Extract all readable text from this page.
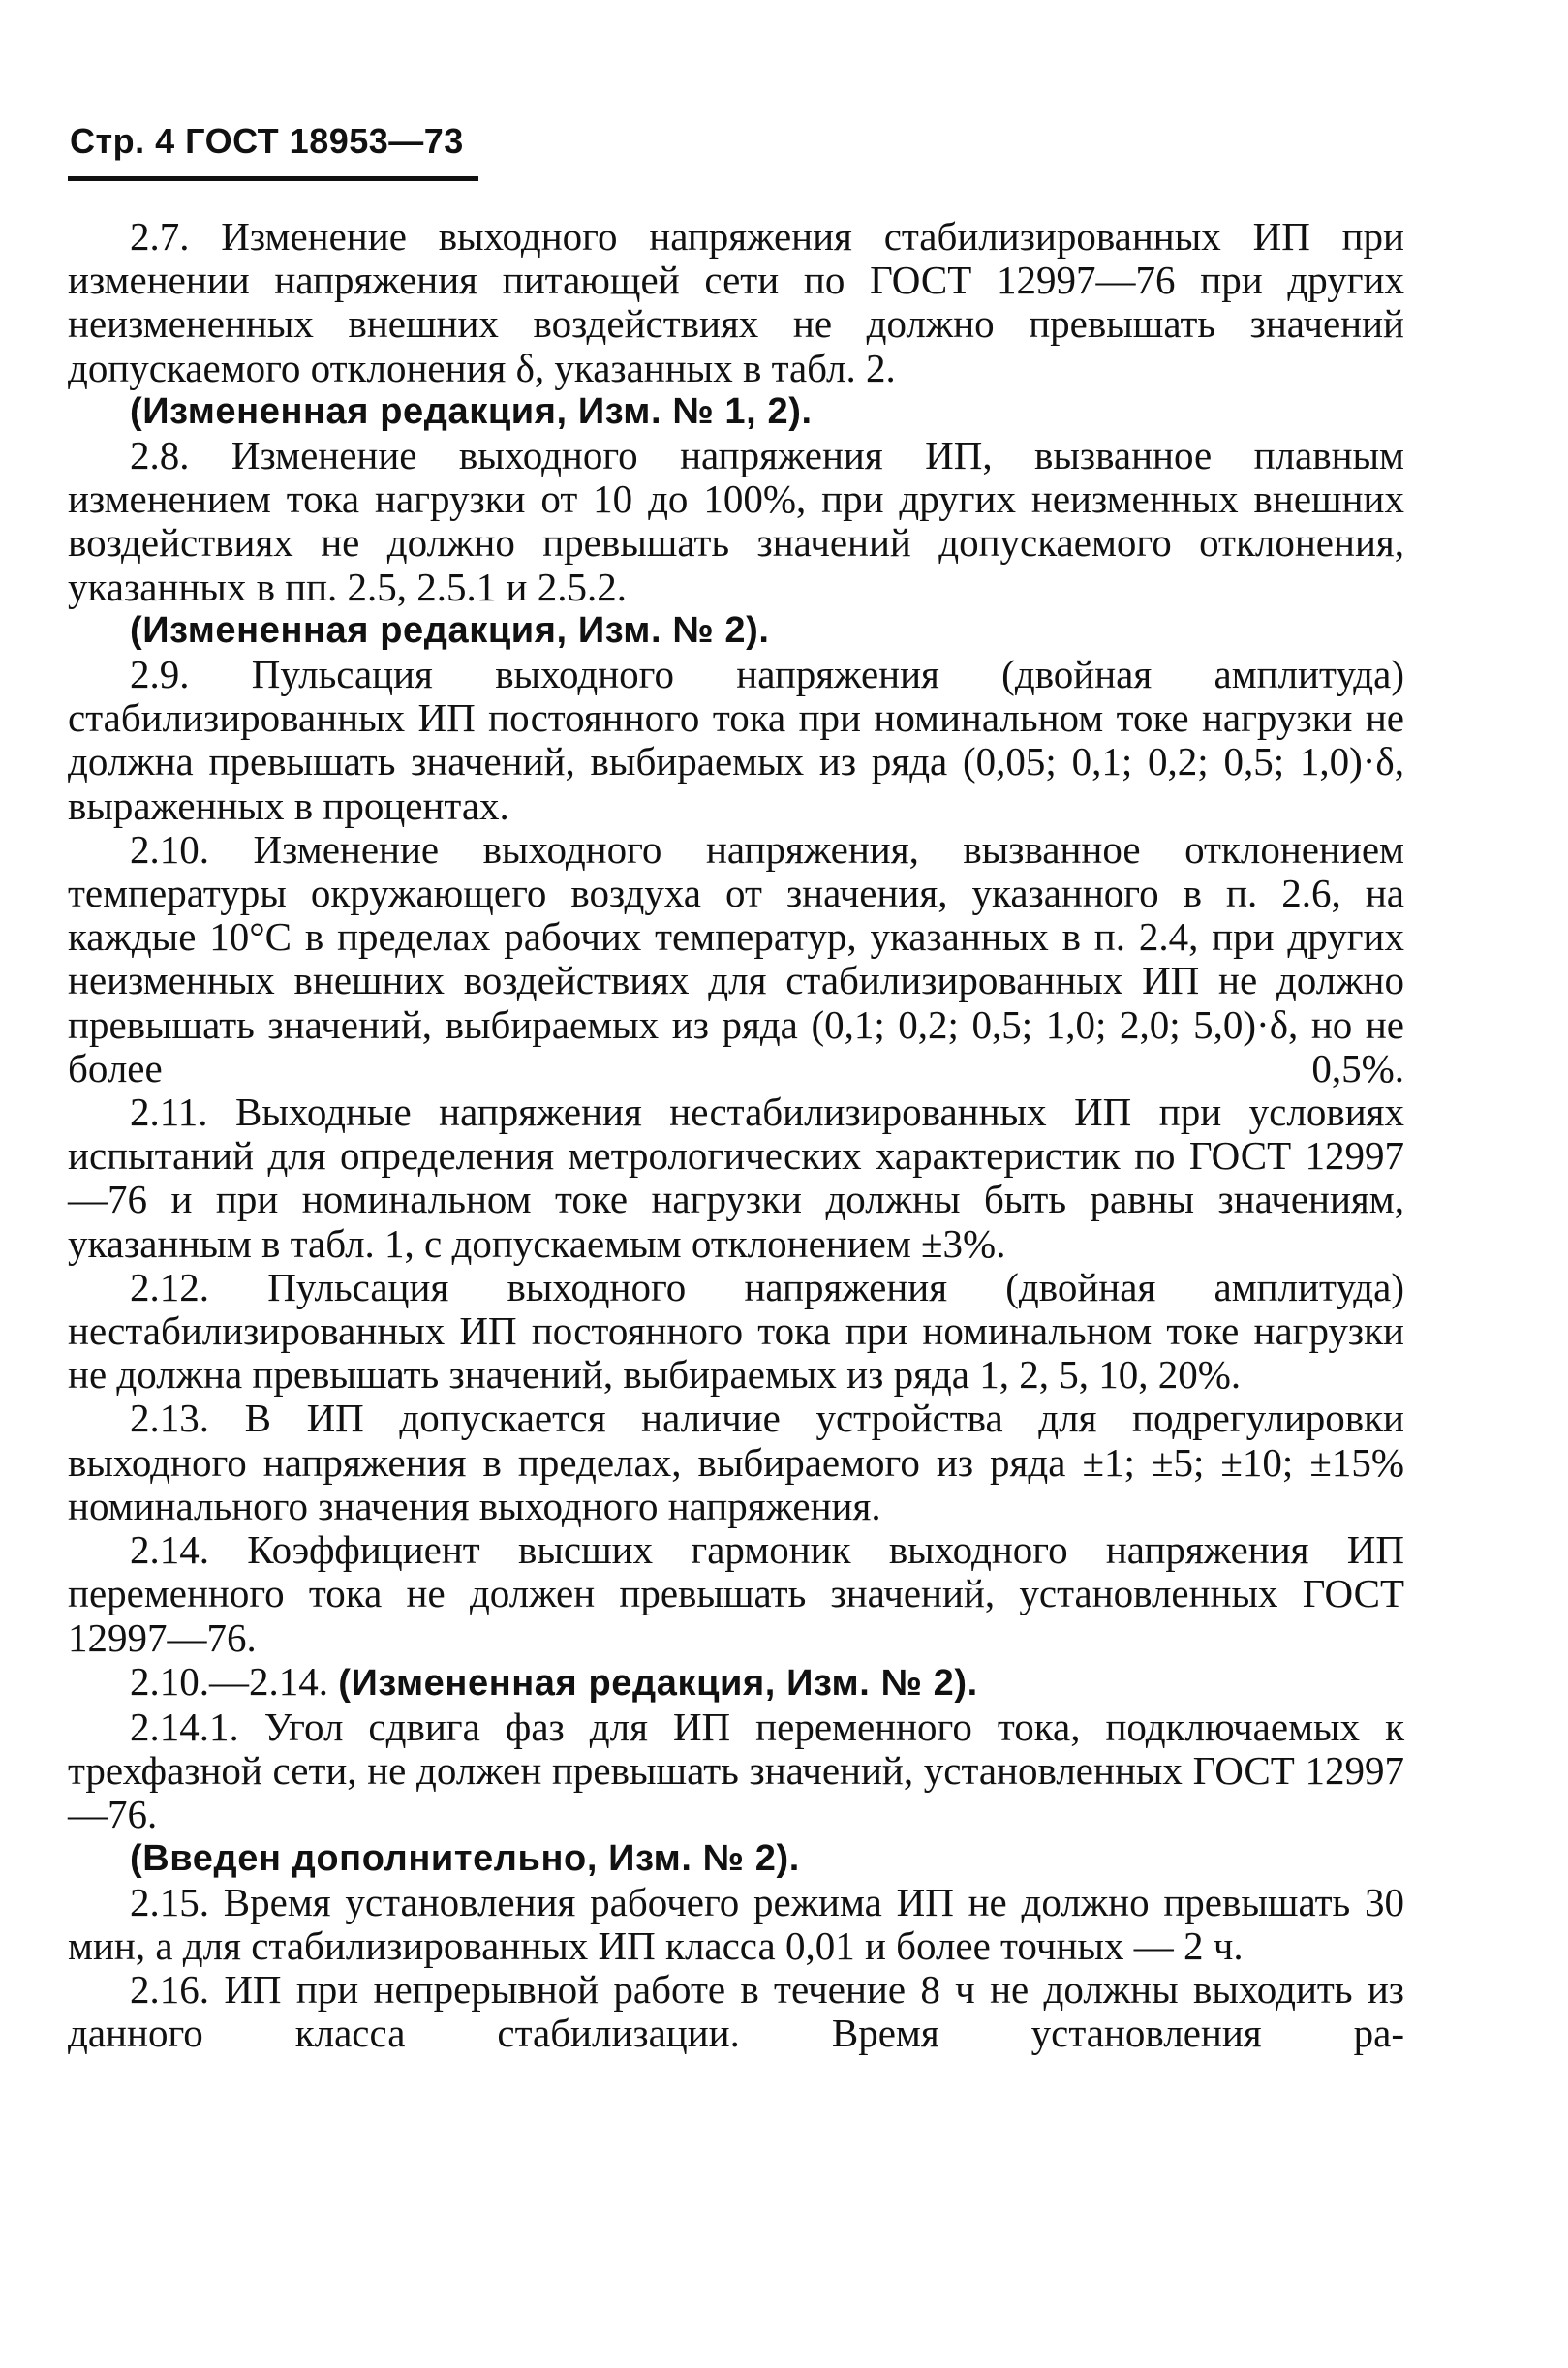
Стр. 4 ГОСТ 18953—73

2.7. Изменение выходного напряжения стабилизированных ИП при изменении напряжения питающей сети по ГОСТ 12997—76 при других неизмененных внешних воздействиях не должно превышать значений допускаемого отклонения δ, указанных в табл. 2.

(Измененная редакция, Изм. № 1, 2).

2.8. Изменение выходного напряжения ИП, вызванное плавным изменением тока нагрузки от 10 до 100%, при других неизменных внешних воздействиях не должно превышать значений допускаемого отклонения, указанных в пп. 2.5, 2.5.1 и 2.5.2.

(Измененная редакция, Изм. № 2).

2.9. Пульсация выходного напряжения (двойная амплитуда) стабилизированных ИП постоянного тока при номинальном токе нагрузки не должна превышать значений, выбираемых из ряда (0,05; 0,1; 0,2; 0,5; 1,0)·δ, выраженных в процентах.

2.10. Изменение выходного напряжения, вызванное отклонением температуры окружающего воздуха от значения, указанного в п. 2.6, на каждые 10°С в пределах рабочих температур, указанных в п. 2.4, при других неизменных внешних воздействиях для стабилизированных ИП не должно превышать значений, выбираемых из ряда (0,1; 0,2; 0,5; 1,0; 2,0; 5,0)·δ, но не более 0,5%.

2.11. Выходные напряжения нестабилизированных ИП при условиях испытаний для определения метрологических характеристик по ГОСТ 12997—76 и при номинальном токе нагрузки должны быть равны значениям, указанным в табл. 1, с допускаемым отклонением ±3%.

2.12. Пульсация выходного напряжения (двойная амплитуда) нестабилизированных ИП постоянного тока при номинальном токе нагрузки не должна превышать значений, выбираемых из ряда 1, 2, 5, 10, 20%.

2.13. В ИП допускается наличие устройства для подрегулировки выходного напряжения в пределах, выбираемого из ряда ±1; ±5; ±10; ±15% номинального значения выходного напряжения.

2.14. Коэффициент высших гармоник выходного напряжения ИП переменного тока не должен превышать значений, установленных ГОСТ 12997—76.

2.10.—2.14. (Измененная редакция, Изм. № 2).

2.14.1. Угол сдвига фаз для ИП переменного тока, подключаемых к трехфазной сети, не должен превышать значений, установленных ГОСТ 12997—76.

(Введен дополнительно, Изм. № 2).

2.15. Время установления рабочего режима ИП не должно превышать 30 мин, а для стабилизированных ИП класса 0,01 и более точных — 2 ч.

2.16. ИП при непрерывной работе в течение 8 ч не должны выходить из данного класса стабилизации. Время установления ра-
